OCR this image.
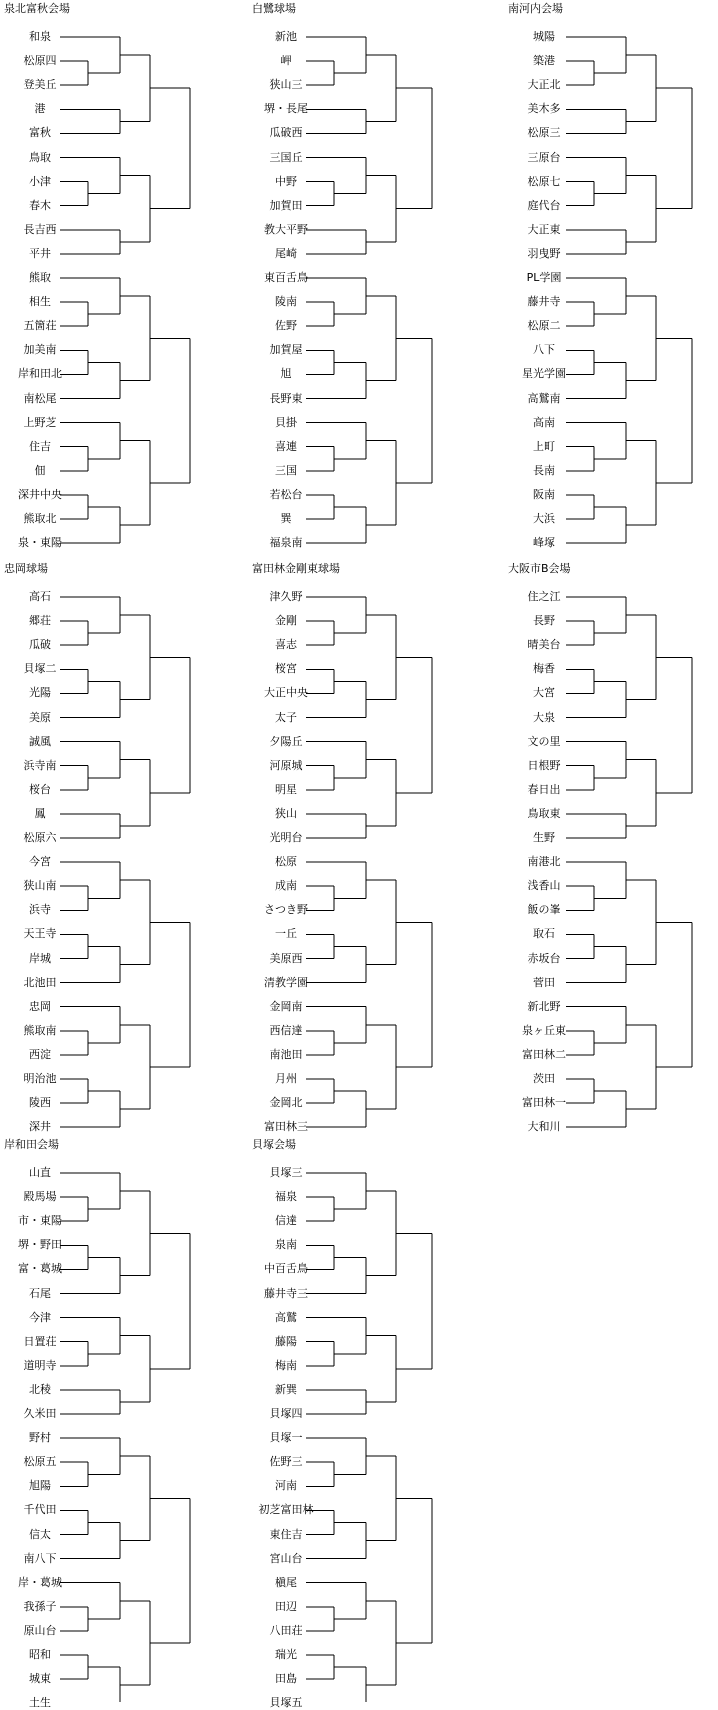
泉北富秋会場
和泉
松原四
登美丘
港
富秋
鳥取
小津
春木
長吉西
平井
熊取
相生
五箇荘
加美南
岸和田北
南松尾
上野芝
住吉
佃
深井中央
熊取北
泉・東陽
白鷺球場
新池
岬
狭山三
堺・長尾
瓜破西
三国丘
中野
加賀田
教大平野
尾崎
東百舌鳥
陵南
佐野
加賀屋
旭
長野東
貝掛
喜連
三国
若松台
巽
福泉南
南河内会場
城陽
築港
大正北
美木多
松原三
三原台
松原七
庭代台
大正東
羽曳野
PL学園
藤井寺
松原二
八下
星光学園
高鷲南
高南
上町
長南
阪南
大浜
峰塚
忠岡球場
高石
郷荘
瓜破
貝塚二
光陽
美原
誠風
浜寺南
桜台
鳳
松原六
今宮
狭山南
浜寺
天王寺
岸城
北池田
忠岡
熊取南
西淀
明治池
陵西
深井
富田林金剛東球場
津久野
金剛
喜志
桜宮
大正中央
太子
夕陽丘
河原城
明星
狭山
光明台
松原
成南
さつき野
一丘
美原西
清教学園
金岡南
西信達
南池田
月州
金岡北
富田林三
大阪市B会場
住之江
長野
晴美台
梅香
大宮
大泉
文の里
日根野
春日出
鳥取東
生野
南港北
浅香山
飯の峯
取石
赤坂台
菅田
新北野
泉ヶ丘東
富田林二
茨田
富田林一
大和川
岸和田会場
山直
殿馬場
市・東陽
堺・野田
富・葛城
石尾
今津
日置荘
道明寺
北稜
久米田
野村
松原五
旭陽
千代田
信太
南八下
岸・葛城
我孫子
原山台
昭和
城東
土生
貝塚会場
貝塚三
福泉
信達
泉南
中百舌鳥
藤井寺三
高鷲
藤陽
梅南
新巽
貝塚四
貝塚一
佐野三
河南
初芝富田林
東住吉
宮山台
槇尾
田辺
八田荘
瑞光
田島
貝塚五
